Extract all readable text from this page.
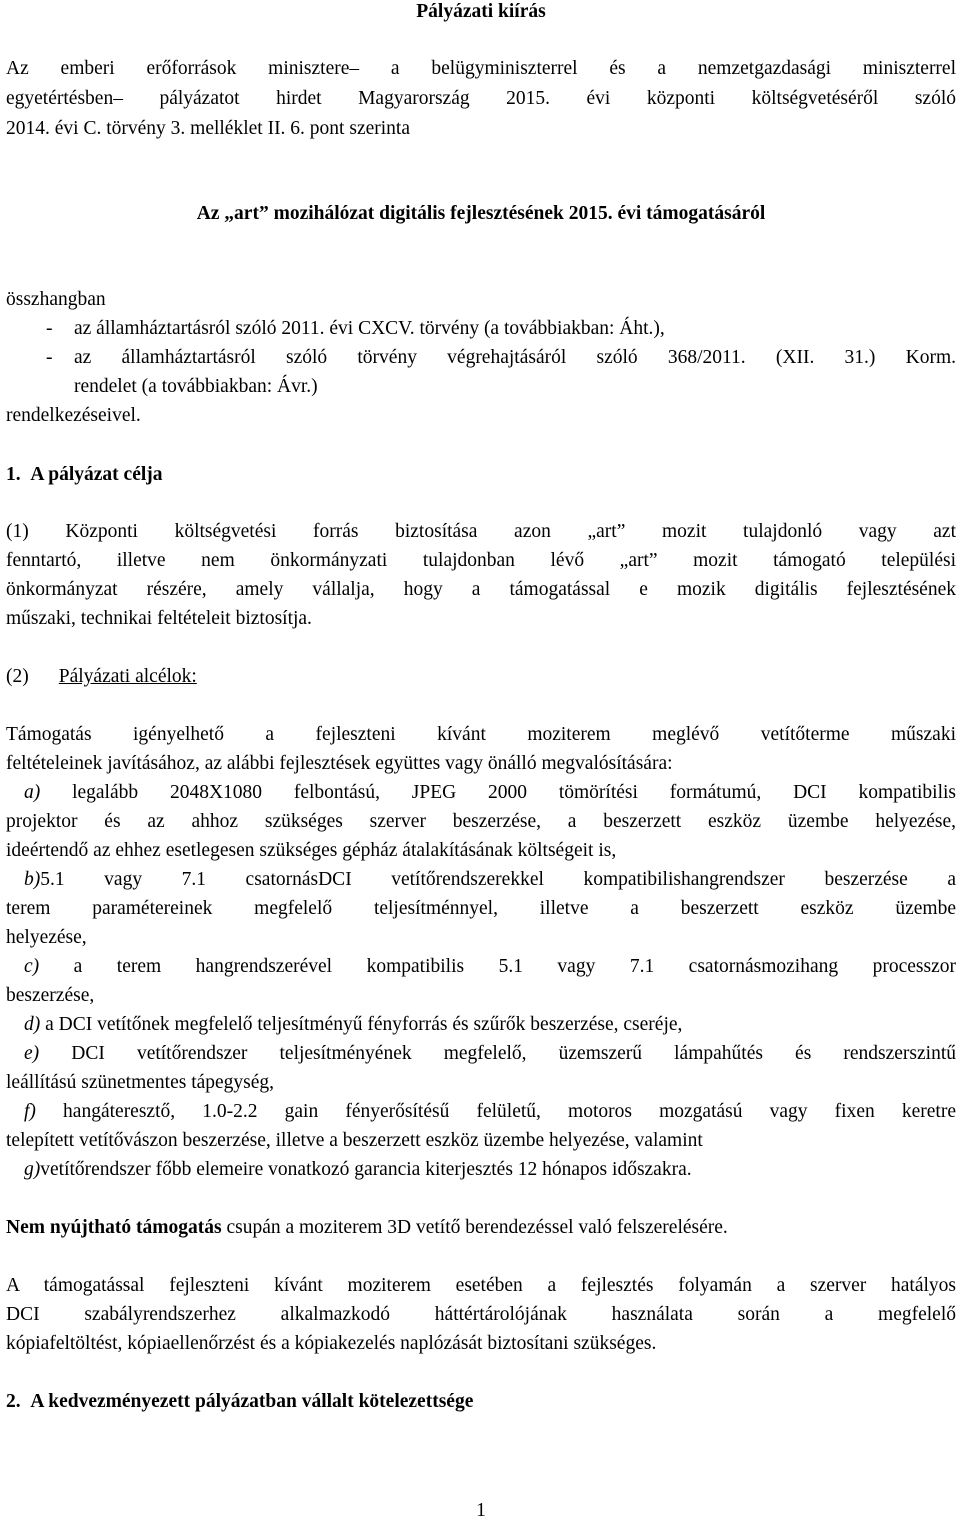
Pályázati kiírás
Az emberi erőforrások minisztere– a belügyminiszterrel és a nemzetgazdasági miniszterrel
egyetértésben– pályázatot hirdet Magyarország 2015. évi központi költségvetéséről szóló
2014. évi C. törvény 3. melléklet II. 6. pont szerinta
Az „art” mozihálózat digitális fejlesztésének 2015. évi támogatásáról
összhangban
- az államháztartásról szóló 2011. évi CXCV. törvény (a továbbiakban: Áht.),
- az államháztartásról szóló törvény végrehajtásáról szóló 368/2011. (XII. 31.) Korm.
rendelet (a továbbiakban: Ávr.)
rendelkezéseivel.
1. A pályázat célja
(1) Központi költségvetési forrás biztosítása azon „art” mozit tulajdonló vagy azt
fenntartó, illetve nem önkormányzati tulajdonban lévő „art” mozit támogató települési
önkormányzat részére, amely vállalja, hogy a támogatással e mozik digitális fejlesztésének
műszaki, technikai feltételeit biztosítja.
(2) Pályázati alcélok:
Támogatás igényelhető a fejleszteni kívánt moziterem meglévő vetítőterme műszaki
feltételeinek javításához, az alábbi fejlesztések együttes vagy önálló megvalósítására:
a) legalább 2048X1080 felbontású, JPEG 2000 tömörítési formátumú, DCI kompatibilis
projektor és az ahhoz szükséges szerver beszerzése, a beszerzett eszköz üzembe helyezése,
ideértendő az ehhez esetlegesen szükséges gépház átalakításának költségeit is,
b)5.1 vagy 7.1 csatornásDCI vetítőrendszerekkel kompatibilishangrendszer beszerzése a
terem paramétereinek megfelelő teljesítménnyel, illetve a beszerzett eszköz üzembe
helyezése,
c) a terem hangrendszerével kompatibilis 5.1 vagy 7.1 csatornásmozihang processzor
beszerzése,
d) a DCI vetítőnek megfelelő teljesítményű fényforrás és szűrők beszerzése, cseréje,
e) DCI vetítőrendszer teljesítményének megfelelő, üzemszerű lámpahűtés és rendszerszintű
leállítású szünetmentes tápegység,
f) hangáteresztő, 1.0-2.2 gain fényerősítésű felületű, motoros mozgatású vagy fixen keretre
telepített vetítővászon beszerzése, illetve a beszerzett eszköz üzembe helyezése, valamint
g)vetítőrendszer főbb elemeire vonatkozó garancia kiterjesztés 12 hónapos időszakra.
Nem nyújtható támogatás csupán a moziterem 3D vetítő berendezéssel való felszerelésére.
A támogatással fejleszteni kívánt moziterem esetében a fejlesztés folyamán a szerver hatályos
DCI szabályrendszerhez alkalmazkodó háttértárolójának használata során a megfelelő
kópiafeltöltést, kópiaellenőrzést és a kópiakezelés naplózását biztosítani szükséges.
2. A kedvezményezett pályázatban vállalt kötelezettsége
1
